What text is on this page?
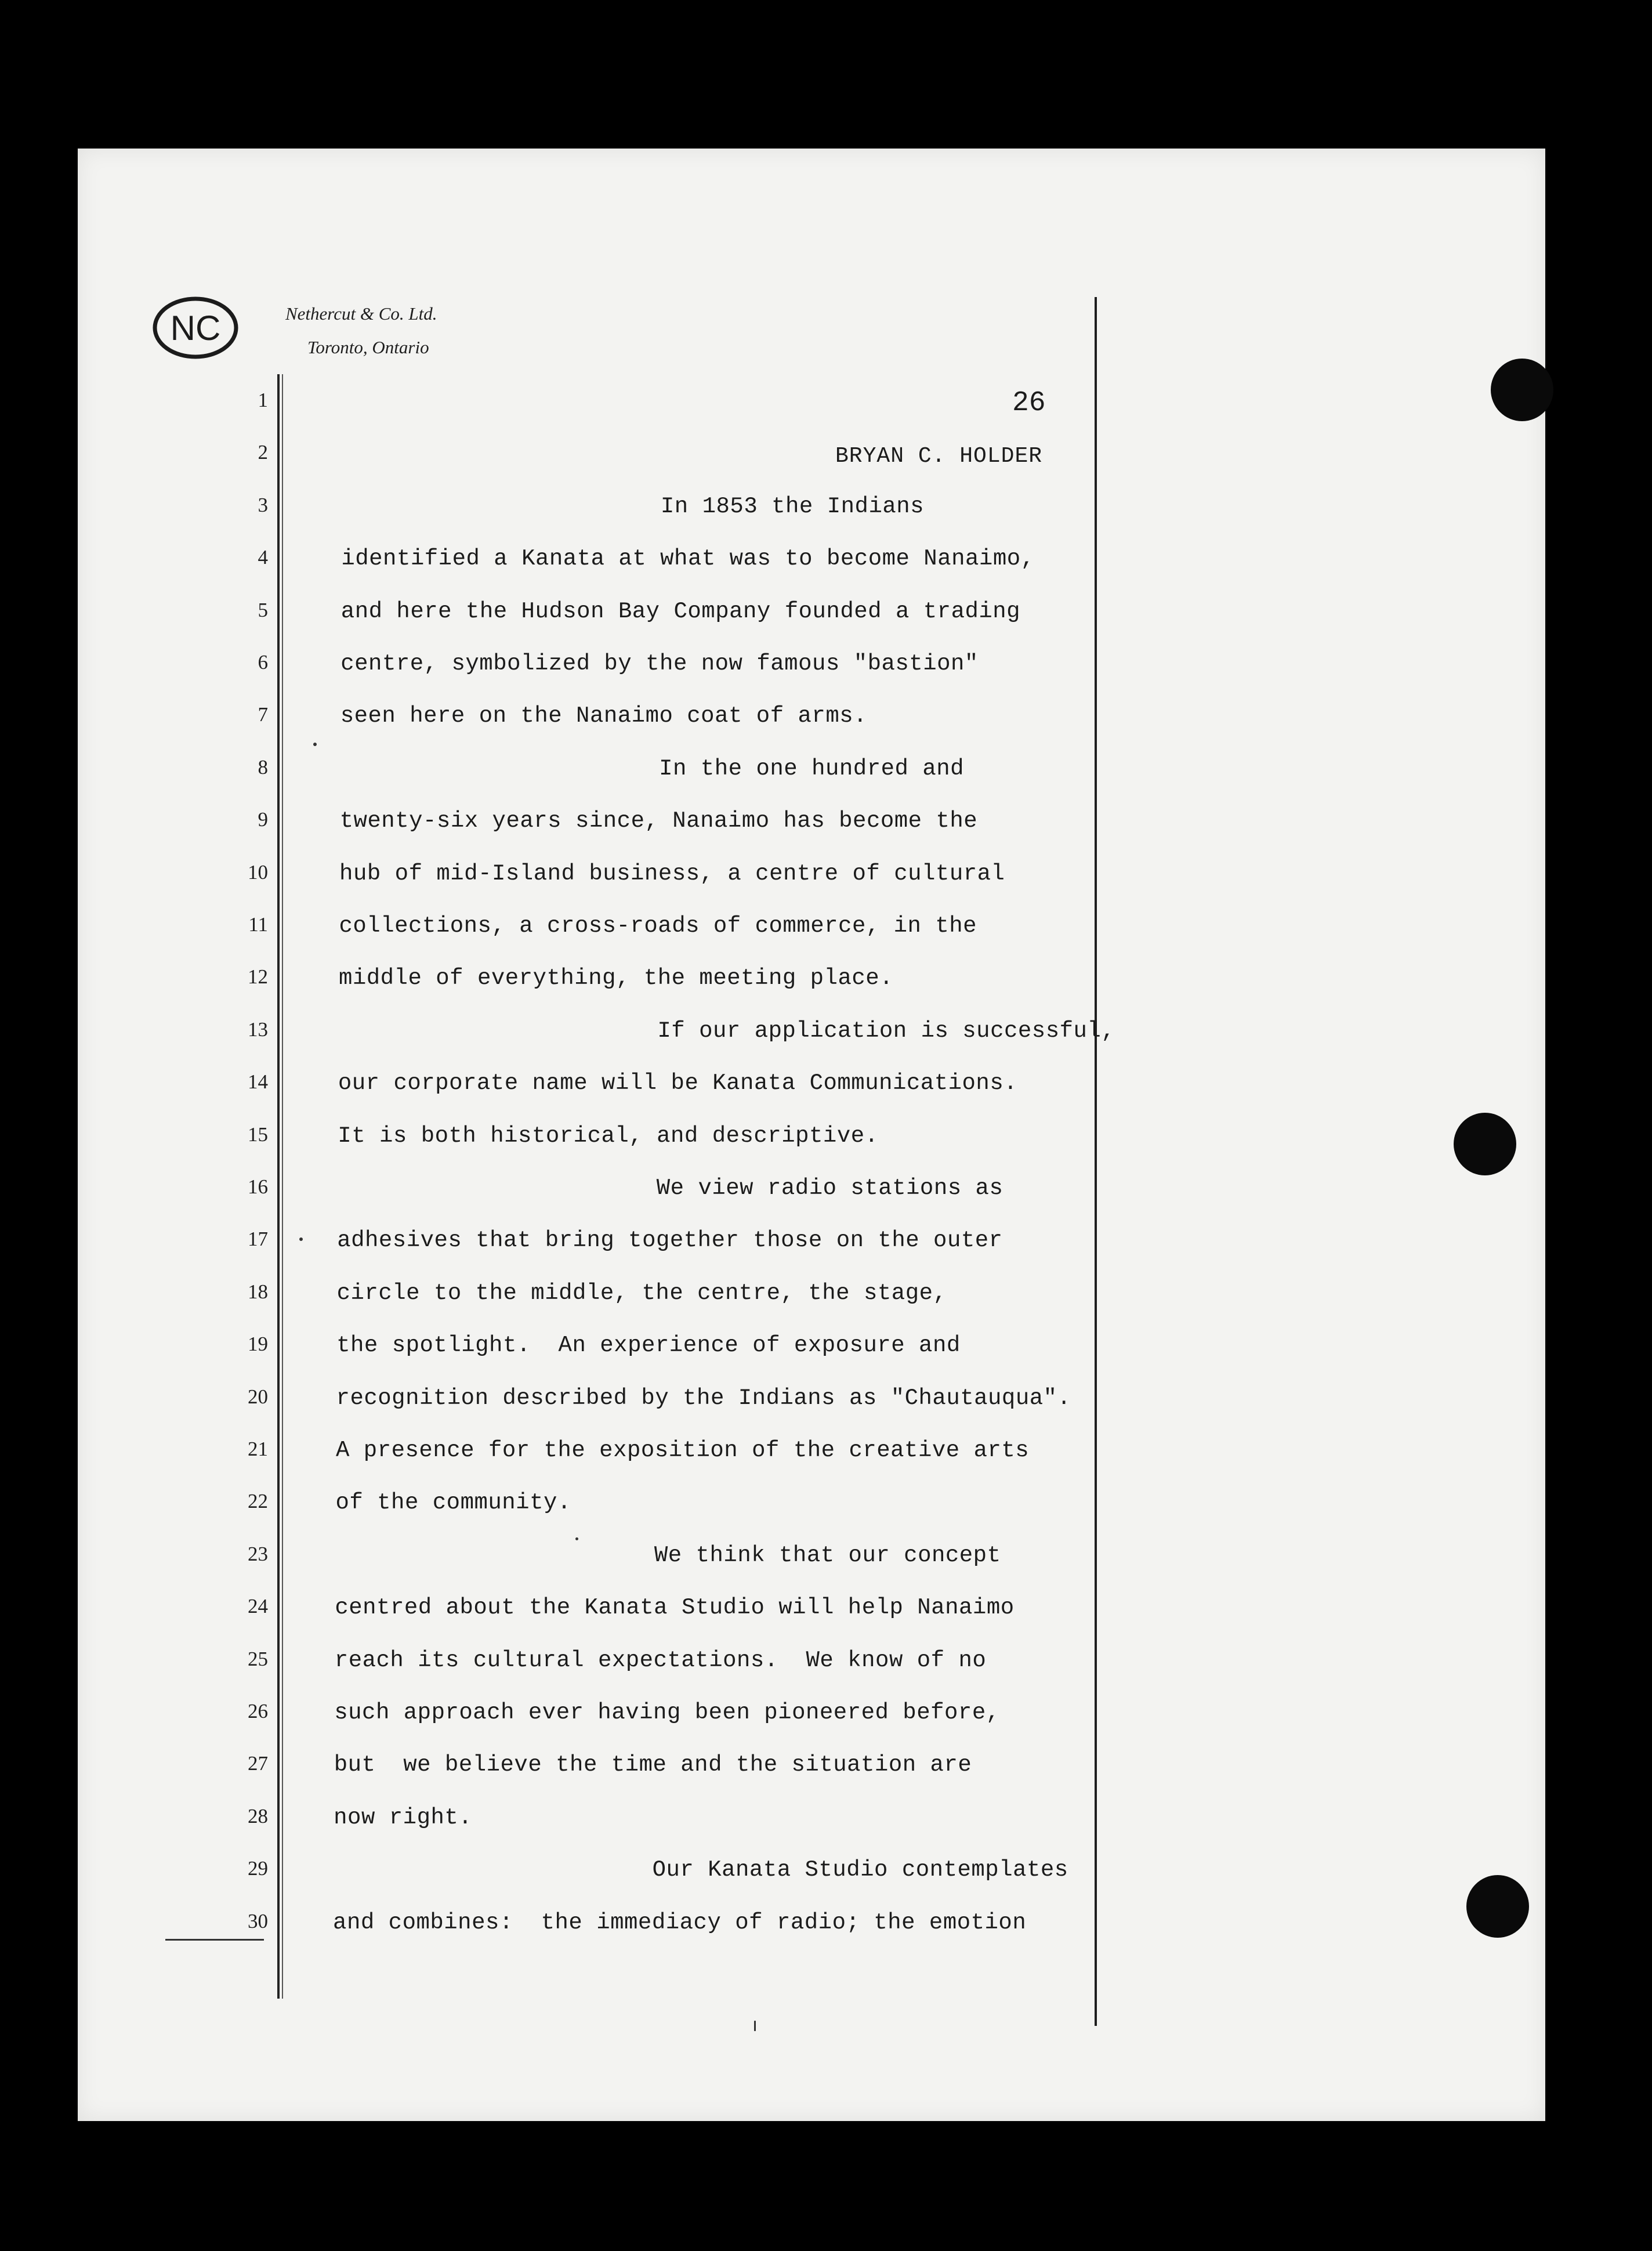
NC	Nethercut & Co. Ltd.
Toronto, Ontario
26
BRYAN C. HOLDER
1
2
3	In 1853 the Indians
4	identified a Kanata at what was to become Nanaimo,
5	and here the Hudson Bay Company founded a trading
6	centre, symbolized by the now famous "bastion"
7	seen here on the Nanaimo coat of arms.
8	In the one hundred and
9	twenty-six years since, Nanaimo has become the
10	hub of mid-Island business, a centre of cultural
11	collections, a cross-roads of commerce, in the
12	middle of everything, the meeting place.
13	If our application is successful,
14	our corporate name will be Kanata Communications.
15	It is both historical, and descriptive.
16	We view radio stations as
17	adhesives that bring together those on the outer
18	circle to the middle, the centre, the stage,
19	the spotlight.  An experience of exposure and
20	recognition described by the Indians as "Chautauqua".
21	A presence for the exposition of the creative arts
22	of the community.
23	We think that our concept
24	centred about the Kanata Studio will help Nanaimo
25	reach its cultural expectations.  We know of no
26	such approach ever having been pioneered before,
27	but  we believe the time and the situation are
28	now right.
29	Our Kanata Studio contemplates
30	and combines:  the immediacy of radio; the emotion
